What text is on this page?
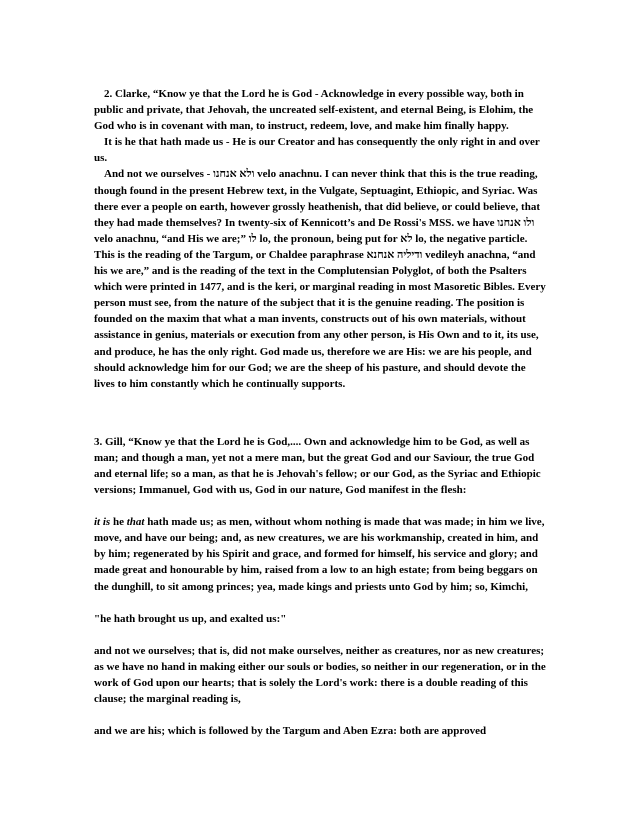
2. Clarke, “Know ye that the Lord he is God - Acknowledge in every possible way, both in public and private, that Jehovah, the uncreated self-existent, and eternal Being, is Elohim, the God who is in covenant with man, to instruct, redeem, love, and make him finally happy.

It is he that hath made us - He is our Creator and has consequently the only right in and over us.

And not we ourselves - ולא אנחנו velo anachnu. I can never think that this is the true reading, though found in the present Hebrew text, in the Vulgate, Septuagint, Ethiopic, and Syriac. Was there ever a people on earth, however grossly heathenish, that did believe, or could believe, that they had made themselves? In twenty-six of Kennicott’s and De Rossi's MSS. we have ולו אנחנו velo anachnu, “and His we are;” לו lo, the pronoun, being put for לא lo, the negative particle. This is the reading of the Targum, or Chaldee paraphrase ודיליה אנחנא vedileyh anachna, “and his we are,” and is the reading of the text in the Complutensian Polyglot, of both the Psalters which were printed in 1477, and is the keri, or marginal reading in most Masoretic Bibles. Every person must see, from the nature of the subject that it is the genuine reading. The position is founded on the maxim that what a man invents, constructs out of his own materials, without assistance in genius, materials or execution from any other person, is His Own and to it, its use, and produce, he has the only right. God made us, therefore we are His: we are his people, and should acknowledge him for our God; we are the sheep of his pasture, and should devote the lives to him constantly which he continually supports.

3. Gill, “Know ye that the Lord he is God,.... Own and acknowledge him to be God, as well as man; and though a man, yet not a mere man, but the great God and our Saviour, the true God and eternal life; so a man, as that he is Jehovah's fellow; or our God, as the Syriac and Ethiopic versions; Immanuel, God with us, God in our nature, God manifest in the flesh:

it is he that hath made us; as men, without whom nothing is made that was made; in him we live, move, and have our being; and, as new creatures, we are his workmanship, created in him, and by him; regenerated by his Spirit and grace, and formed for himself, his service and glory; and made great and honourable by him, raised from a low to an high estate; from being beggars on the dunghill, to sit among princes; yea, made kings and priests unto God by him; so, Kimchi,

"he hath brought us up, and exalted us:"

and not we ourselves; that is, did not make ourselves, neither as creatures, nor as new creatures; as we have no hand in making either our souls or bodies, so neither in our regeneration, or in the work of God upon our hearts; that is solely the Lord's work: there is a double reading of this clause; the marginal reading is,

and we are his; which is followed by the Targum and Aben Ezra: both are approved
